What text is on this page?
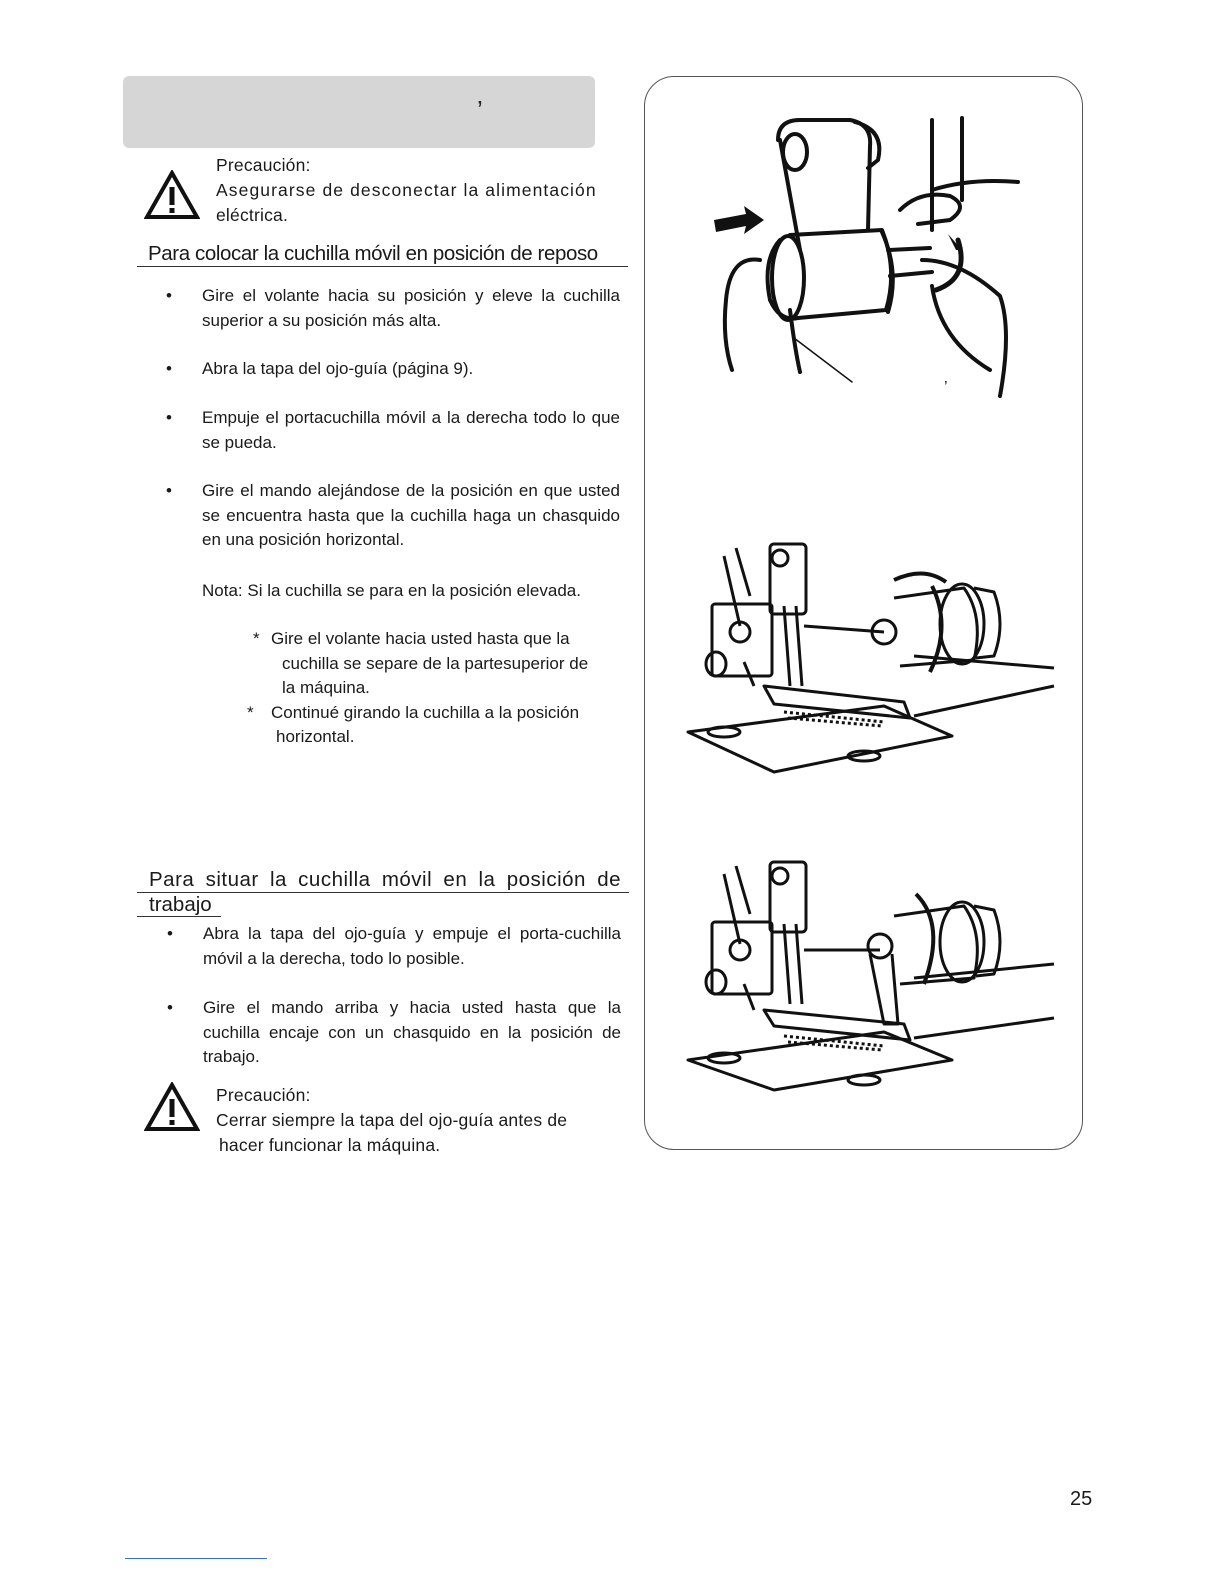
’
Precaución:
Asegurarse de desconectar la alimentación
eléctrica.
Para colocar la cuchilla móvil en posición de reposo
• Gire el volante hacia su posición y eleve la cuchilla superior a su posición más alta.
• Abra la tapa del ojo-guía (página 9).
• Empuje el portacuchilla móvil a la derecha todo lo que se pueda.
• Gire el mando alejándose de la posición en que usted se encuentra hasta que la cuchilla haga un chasquido en una posición horizontal.
Nota: Si la cuchilla se para en la posición elevada.
* Gire el volante hacia usted hasta que la
cuchilla se separe de la partesuperior de
la máquina.
* Continué girando la cuchilla a la posición
horizontal.
Para situar la cuchilla móvil en la posición de
trabajo
• Abra la tapa del ojo-guía y empuje el porta-cuchilla móvil a la derecha, todo lo posible.
• Gire el mando arriba y hacia usted hasta que la cuchilla encaje con un chasquido en la posición de trabajo.
Precaución:
Cerrar siempre la tapa del ojo-guía antes de
hacer funcionar la máquina.
’
25
